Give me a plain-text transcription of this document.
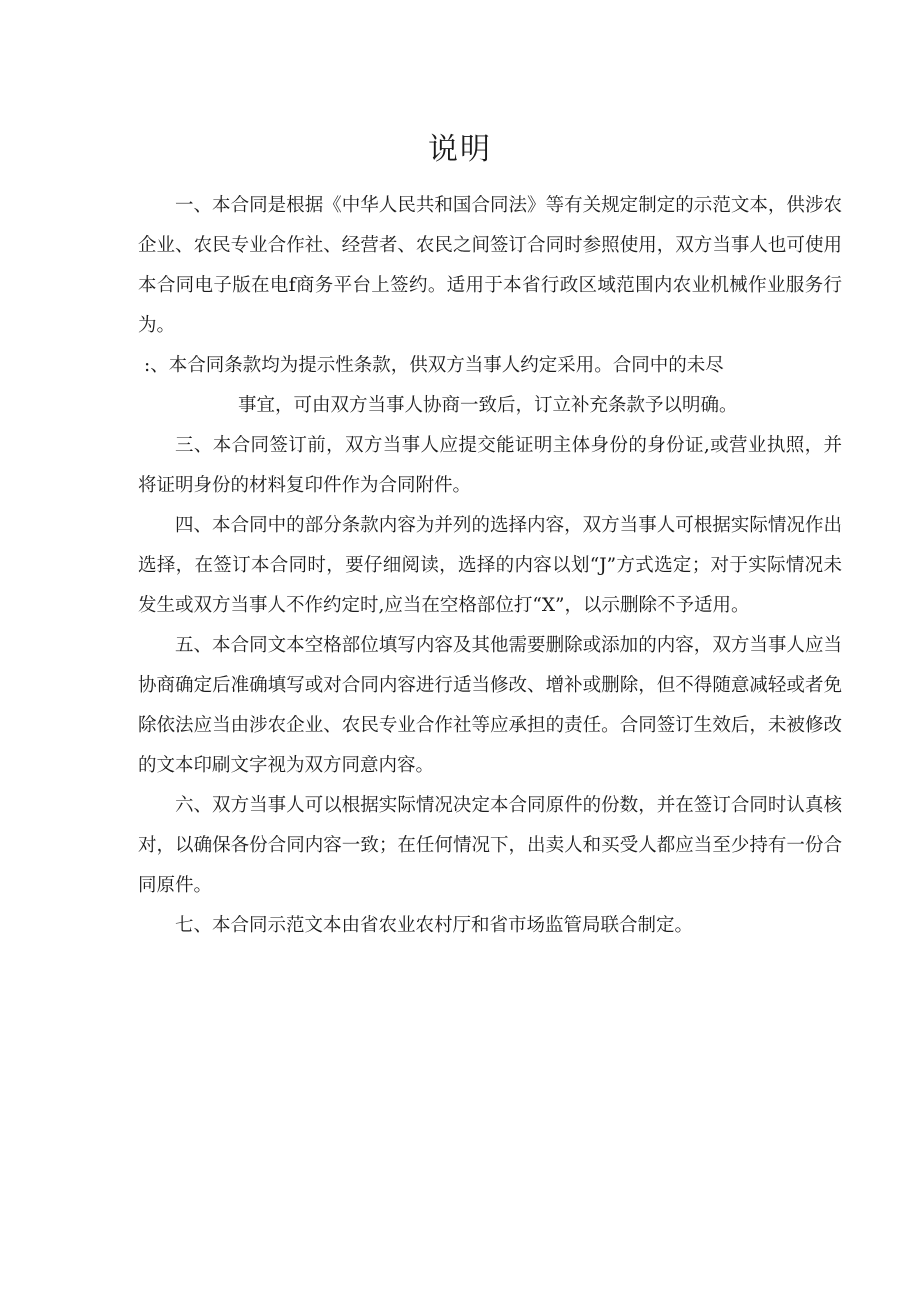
说明

一、本合同是根据《中华人民共和国合同法》等有关规定制定的示范文本，供涉农企业、农民专业合作社、经营者、农民之间签订合同时参照使用，双方当事人也可使用本合同电子版在电f商务平台上签约。适用于本省行政区域范围内农业机械作业服务行为。

:、本合同条款均为提示性条款，供双方当事人约定采用。合同中的未尽

事宜，可由双方当事人协商一致后，订立补充条款予以明确。

三、本合同签订前，双方当事人应提交能证明主体身份的身份证,或营业执照，并将证明身份的材料复印件作为合同附件。

四、本合同中的部分条款内容为并列的选择内容，双方当事人可根据实际情况作出选择，在签订本合同时，要仔细阅读，选择的内容以划“J”方式选定；对于实际情况未发生或双方当事人不作约定时,应当在空格部位打“X”，以示删除不予适用。

五、本合同文本空格部位填写内容及其他需要删除或添加的内容，双方当事人应当协商确定后准确填写或对合同内容进行适当修改、增补或删除，但不得随意减轻或者免除依法应当由涉农企业、农民专业合作社等应承担的责任。合同签订生效后，未被修改的文本印刷文字视为双方同意内容。

六、双方当事人可以根据实际情况决定本合同原件的份数，并在签订合同时认真核对，以确保各份合同内容一致；在任何情况下，出卖人和买受人都应当至少持有一份合同原件。

七、本合同示范文本由省农业农村厅和省市场监管局联合制定。
